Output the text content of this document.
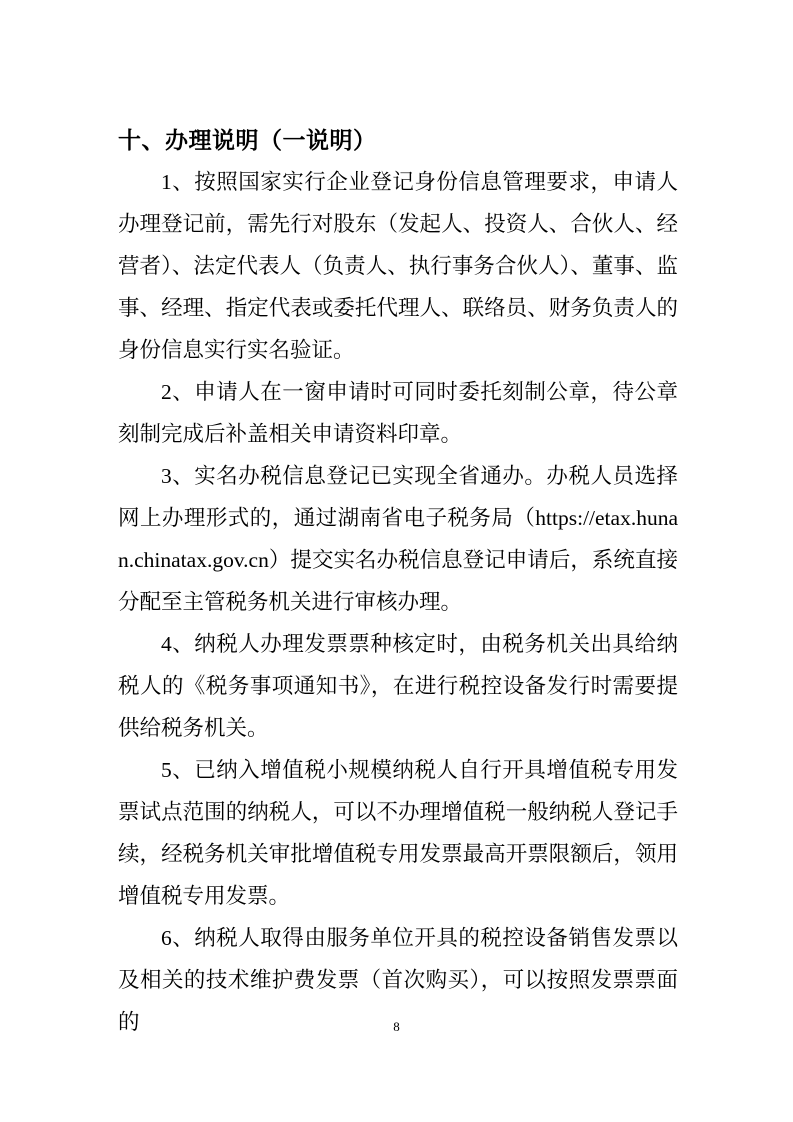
十、办理说明（一说明）

1、按照国家实行企业登记身份信息管理要求，申请人办理登记前，需先行对股东（发起人、投资人、合伙人、经营者）、法定代表人（负责人、执行事务合伙人）、董事、监事、经理、指定代表或委托代理人、联络员、财务负责人的身份信息实行实名验证。

2、申请人在一窗申请时可同时委托刻制公章，待公章刻制完成后补盖相关申请资料印章。

3、实名办税信息登记已实现全省通办。办税人员选择网上办理形式的，通过湖南省电子税务局（https://etax.hunan.chinatax.gov.cn）提交实名办税信息登记申请后，系统直接分配至主管税务机关进行审核办理。

4、纳税人办理发票票种核定时，由税务机关出具给纳税人的《税务事项通知书》，在进行税控设备发行时需要提供给税务机关。

5、已纳入增值税小规模纳税人自行开具增值税专用发票试点范围的纳税人，可以不办理增值税一般纳税人登记手续，经税务机关审批增值税专用发票最高开票限额后，领用增值税专用发票。

6、纳税人取得由服务单位开具的税控设备销售发票以及相关的技术维护费发票（首次购买），可以按照发票票面的	8
